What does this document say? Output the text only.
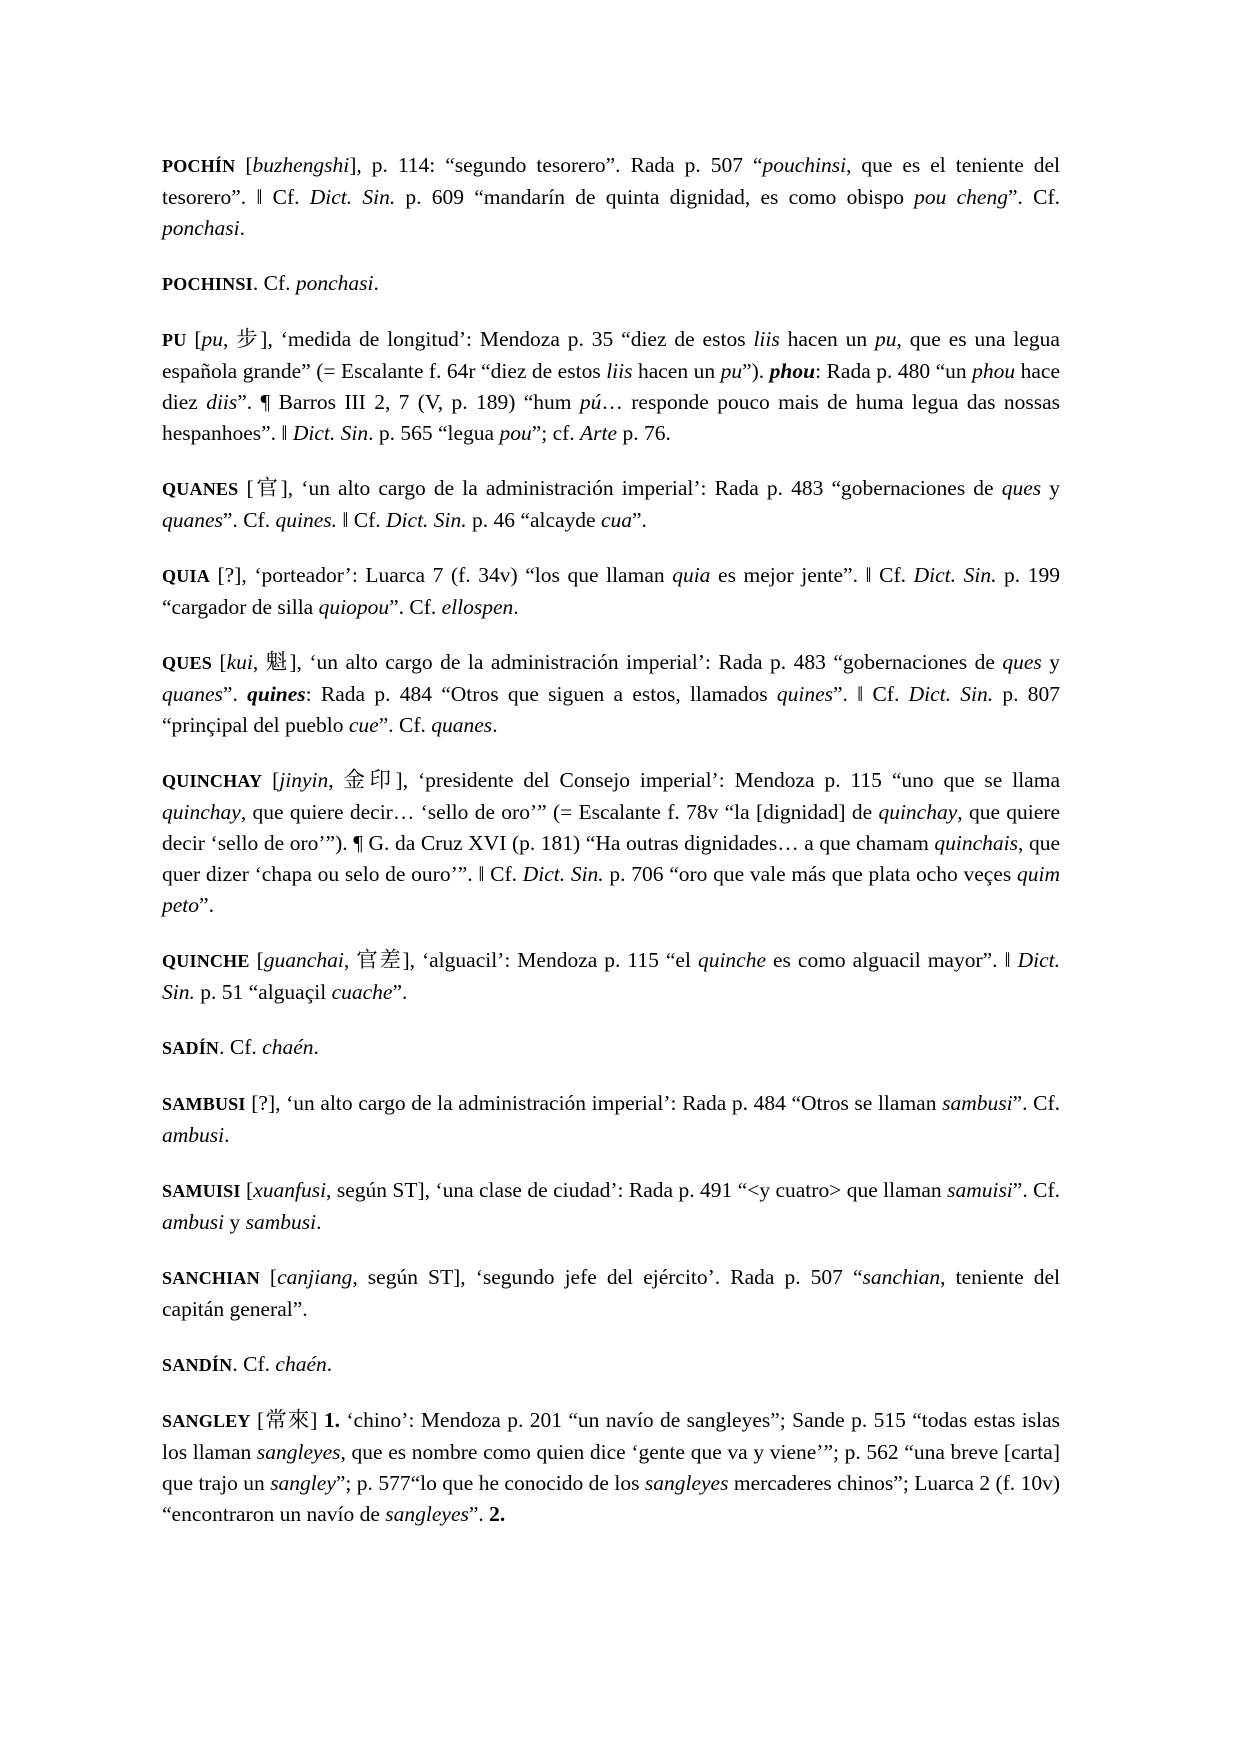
POCHÍN [buzhengshi], p. 114: “segundo tesorero”. Rada p. 507 “pouchinsi, que es el teniente del tesorero”. ‖ Cf. Dict. Sin. p. 609 “mandarín de quinta dignidad, es como obispo pou cheng”. Cf. ponchasi.

POCHINSI. Cf. ponchasi.

PU [pu, 步], ‘medida de longitud’: Mendoza p. 35 “diez de estos liis hacen un pu, que es una legua española grande” (= Escalante f. 64r “diez de estos liis hacen un pu”). phou: Rada p. 480 “un phou hace diez diis”. ¶ Barros III 2, 7 (V, p. 189) “hum pú… responde pouco mais de huma legua das nossas hespanhoes”. ‖ Dict. Sin. p. 565 “legua pou”; cf. Arte p. 76.

QUANES [官], ‘un alto cargo de la administración imperial’: Rada p. 483 “gobernaciones de ques y quanes”. Cf. quines. ‖ Cf. Dict. Sin. p. 46 “alcayde cua”.

QUIA [?], ‘porteador’: Luarca 7 (f. 34v) “los que llaman quia es mejor jente”. ‖ Cf. Dict. Sin. p. 199 “cargador de silla quiopou”. Cf. ellospen.

QUES [kui, 魁], ‘un alto cargo de la administración imperial’: Rada p. 483 “gobernaciones de ques y quanes”. quines: Rada p. 484 “Otros que siguen a estos, llamados quines”. ‖ Cf. Dict. Sin. p. 807 “prinçipal del pueblo cue”. Cf. quanes.

QUINCHAY [jinyin, 金印], ‘presidente del Consejo imperial’: Mendoza p. 115 “uno que se llama quinchay, que quiere decir… ‘sello de oro’” (= Escalante f. 78v “la [dignidad] de quinchay, que quiere decir ‘sello de oro’”). ¶ G. da Cruz XVI (p. 181) “Ha outras dignidades… a que chamam quinchais, que quer dizer ‘chapa ou selo de ouro’”. ‖ Cf. Dict. Sin. p. 706 “oro que vale más que plata ocho veçes quim peto”.

QUINCHE [guanchai, 官差], ‘alguacil’: Mendoza p. 115 “el quinche es como alguacil mayor”. ‖ Dict. Sin. p. 51 “alguaçil cuache”.

SADÍN. Cf. chaén.

SAMBUSI [?], ‘un alto cargo de la administración imperial’: Rada p. 484 “Otros se llaman sambusi”. Cf. ambusi.

SAMUISI [xuanfusi, según ST], ‘una clase de ciudad’: Rada p. 491 “<y cuatro> que llaman samuisi”. Cf. ambusi y sambusi.

SANCHIAN [canjiang, según ST], ‘segundo jefe del ejército’. Rada p. 507 “sanchian, teniente del capitán general”.

SANDÍN. Cf. chaén.

SANGLEY [常來] 1. ‘chino’: Mendoza p. 201 “un navío de sangleyes”; Sande p. 515 “todas estas islas los llaman sangleyes, que es nombre como quien dice ‘gente que va y viene’”; p. 562 “una breve [carta] que trajo un sangley”; p. 577“lo que he conocido de los sangleyes mercaderes chinos”; Luarca 2 (f. 10v) “encontraron un navío de sangleyes”. 2.
